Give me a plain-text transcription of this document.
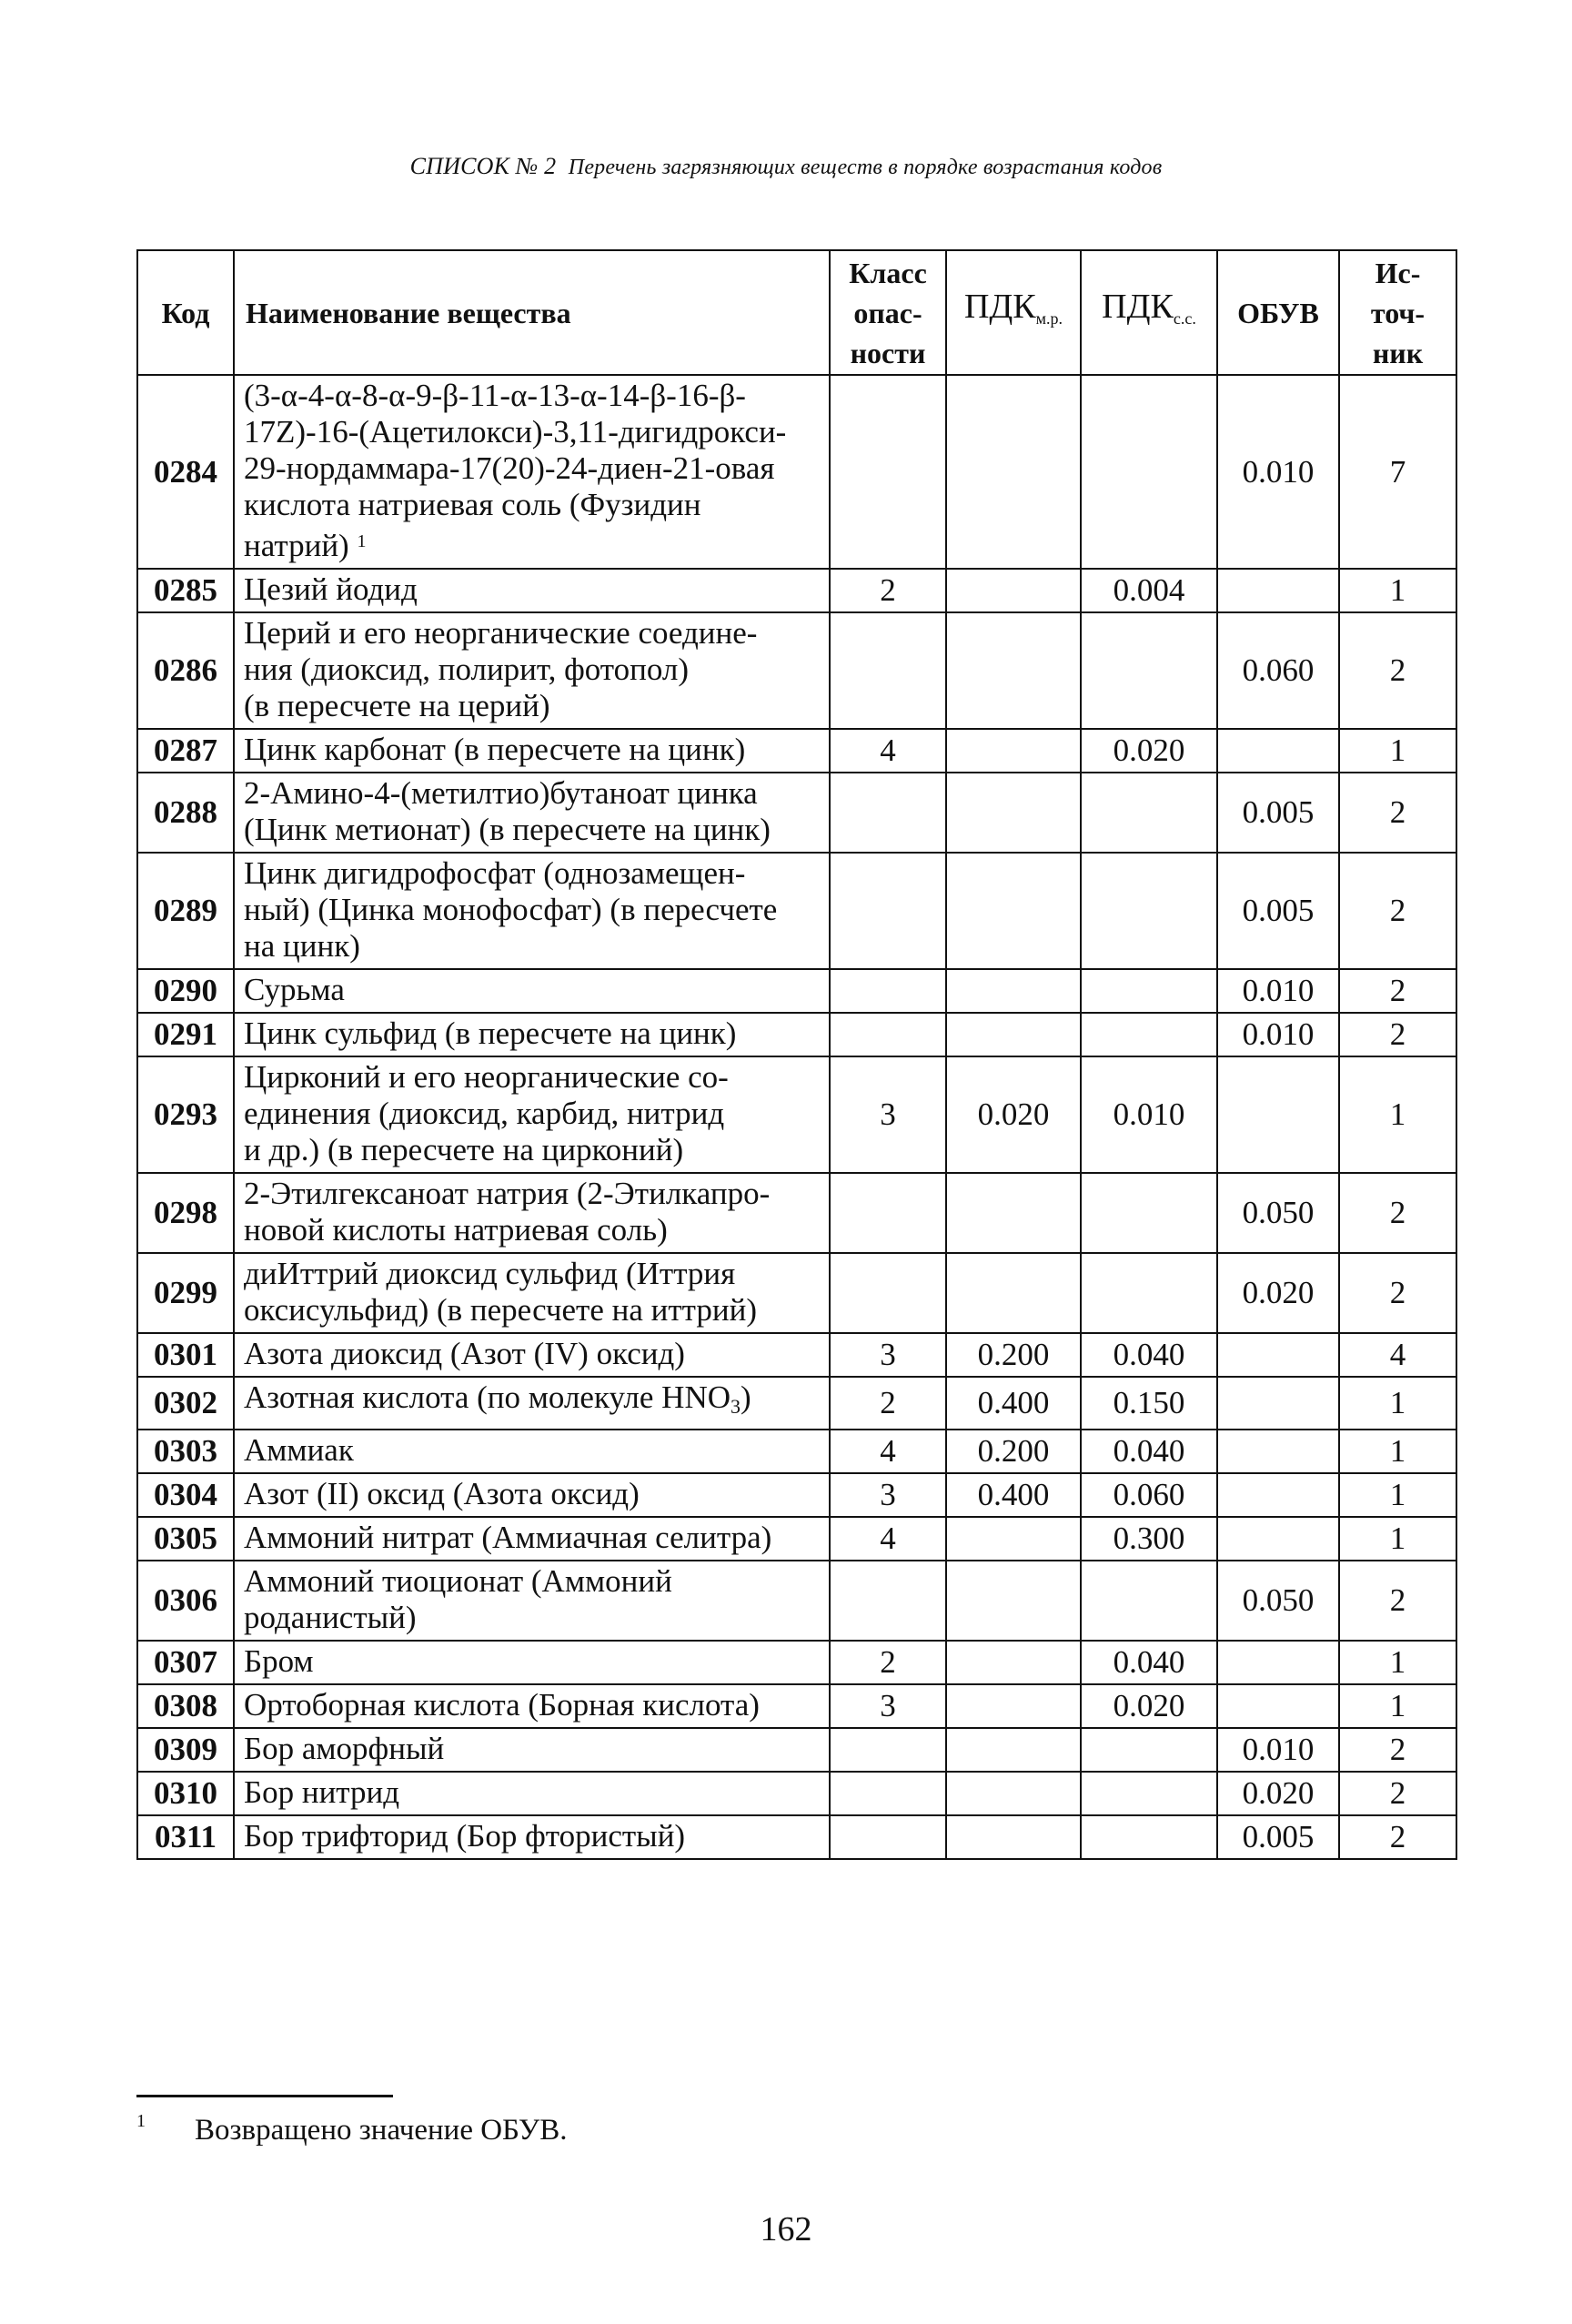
СПИСОК № 2 Перечень загрязняющих веществ в порядке возрастания кодов
Код	Наименование вещества	Класс
опас-
ности	$ПДК_{м.р.}$	$ПДК_{с.с.}$	ОБУВ	Ис-
точ-
ник
0284	(3-α-4-α-8-α-9-β-11-α-13-α-14-β-16-β-
17Z)-16-(Ацетилокси)-3,11-дигидрокси-
29-нордаммара-17(20)-24-диен-21-овая
кислота натриевая соль (Фузидин
натрий) $^1$				0.010	7
0285	Цезий йодид	2		0.004		1
0286	Церий и его неорганические соедине-
ния (диоксид, полирит, фотопол)
(в пересчете на церий)				0.060	2
0287	Цинк карбонат (в пересчете на цинк)	4		0.020		1
0288	2-Амино-4-(метилтио)бутаноат цинка
(Цинк метионат) (в пересчете на цинк)				0.005	2
0289	Цинк дигидрофосфат (однозамещен-
ный) (Цинка монофосфат) (в пересчете
на цинк)				0.005	2
0290	Сурьма				0.010	2
0291	Цинк сульфид (в пересчете на цинк)				0.010	2
0293	Цирконий и его неорганические со-
единения (диоксид, карбид, нитрид
и др.) (в пересчете на цирконий)	3	0.020	0.010		1
0298	2-Этилгексаноат натрия (2-Этилкапро-
новой кислоты натриевая соль)				0.050	2
0299	диИттрий диоксид сульфид (Иттрия
оксисульфид) (в пересчете на иттрий)				0.020	2
0301	Азота диоксид (Азот (IV) оксид)	3	0.200	0.040		4
0302	Азотная кислота (по молекуле $HNO_3$)	2	0.400	0.150		1
0303	Аммиак	4	0.200	0.040		1
0304	Азот (II) оксид (Азота оксид)	3	0.400	0.060		1
0305	Аммоний нитрат (Аммиачная селитра)	4		0.300		1
0306	Аммоний тиоционат (Аммоний
роданистый)				0.050	2
0307	Бром	2		0.040		1
0308	Ортоборная кислота (Борная кислота)	3		0.020		1
0309	Бор аморфный				0.010	2
0310	Бор нитрид				0.020	2
0311	Бор трифторид (Бор фтористый)				0.005	2
$^1$ Возвращено значение ОБУВ.
162
